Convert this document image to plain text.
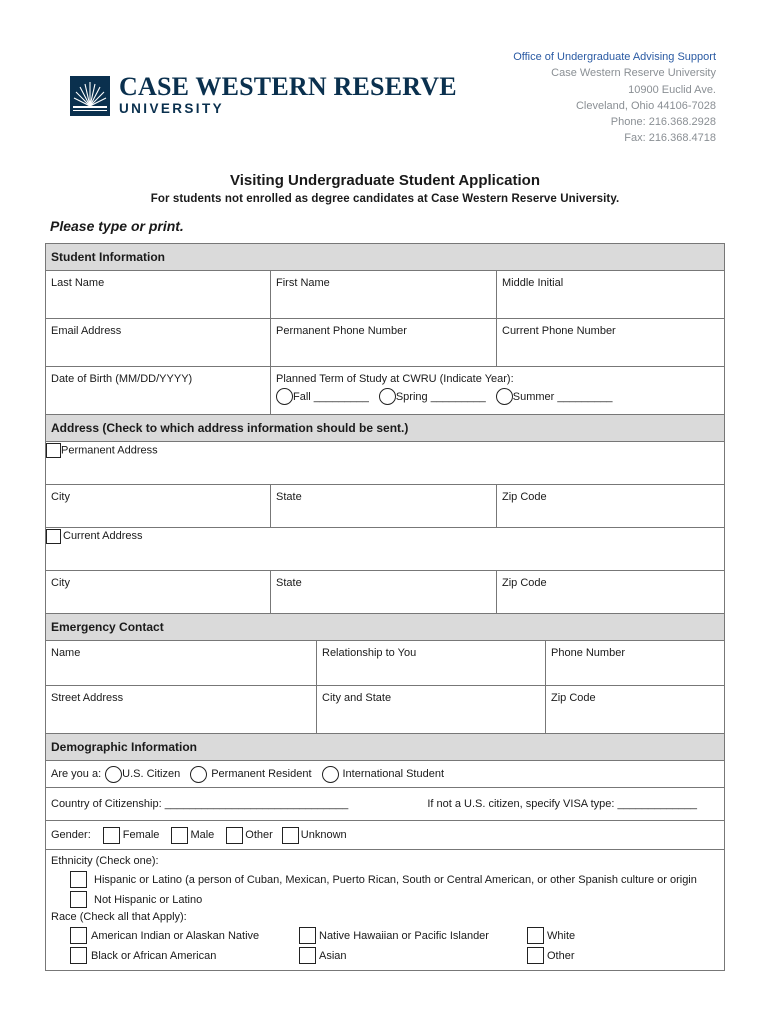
CASE WESTERN RESERVE
UNIVERSITY
Office of Undergraduate Advising Support
Case Western Reserve University
10900 Euclid Ave.
Cleveland, Ohio 44106-7028
Phone: 216.368.2928
Fax: 216.368.4718
Visiting Undergraduate Student Application
For students not enrolled as degree candidates at Case Western Reserve University.
Please type or print.
Student Information
Last Name	First Name	Middle Initial
Email Address	Permanent Phone Number	Current Phone Number
Date of Birth (MM/DD/YYYY)	Planned Term of Study at CWRU (Indicate Year):
Fall _________ Spring _________ Summer _________
Address (Check to which address information should be sent.)
Permanent Address
City	State	Zip Code
Current Address
City	State	Zip Code
Emergency Contact
Name	Relationship to You	Phone Number
Street Address	City and State	Zip Code
Demographic Information
Are you a: U.S. Citizen	Permanent Resident	International Student
Country of Citizenship: ______________________________	If not a U.S. citizen, specify VISA type: _____________
Gender:	Female	Male	Other	Unknown
Ethnicity (Check one):
Hispanic or Latino (a person of Cuban, Mexican, Puerto Rican, South or Central American, or other Spanish culture or origin
Not Hispanic or Latino
Race (Check all that Apply):
American Indian or Alaskan Native	Native Hawaiian or Pacific Islander	White
Black or African American	Asian	Other
